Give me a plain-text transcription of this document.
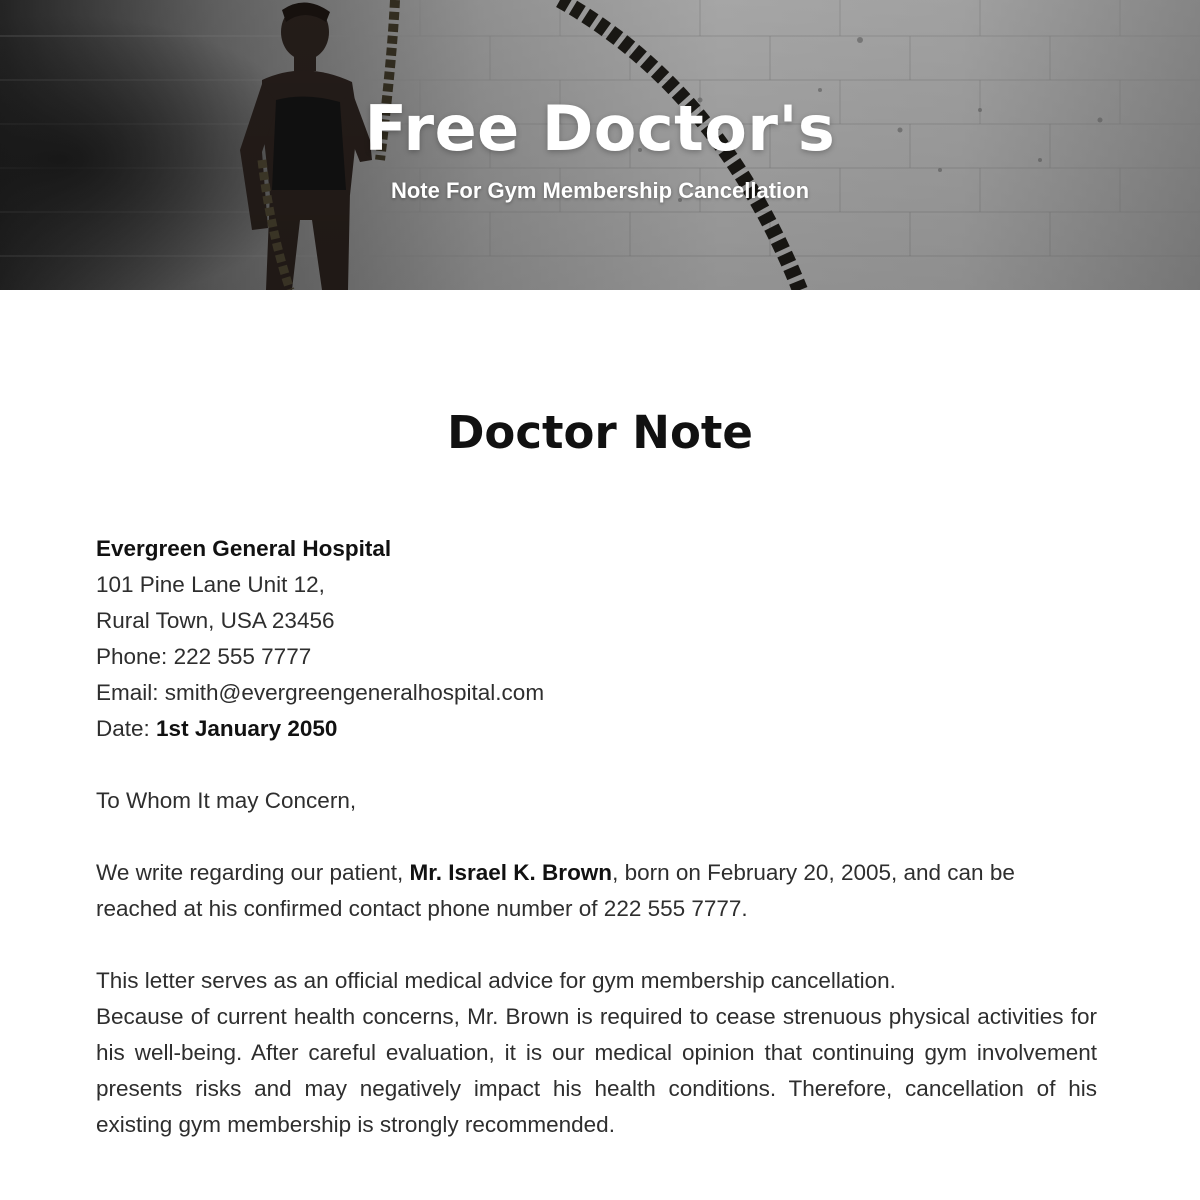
Free Doctor's

Note For Gym Membership Cancellation

Doctor Note

Evergreen General Hospital
101 Pine Lane Unit 12,
Rural Town, USA 23456
Phone: 222 555 7777
Email: smith@evergreengeneralhospital.com
Date: 1st January 2050

To Whom It may Concern,

We write regarding our patient, Mr. Israel K. Brown, born on February 20, 2005, and can be reached at his confirmed contact phone number of 222 555 7777.

This letter serves as an official medical advice for gym membership cancellation.

Because of current health concerns, Mr. Brown is required to cease strenuous physical activities for his well-being. After careful evaluation, it is our medical opinion that continuing gym involvement presents risks and may negatively impact his health conditions. Therefore, cancellation of his existing gym membership is strongly recommended.
